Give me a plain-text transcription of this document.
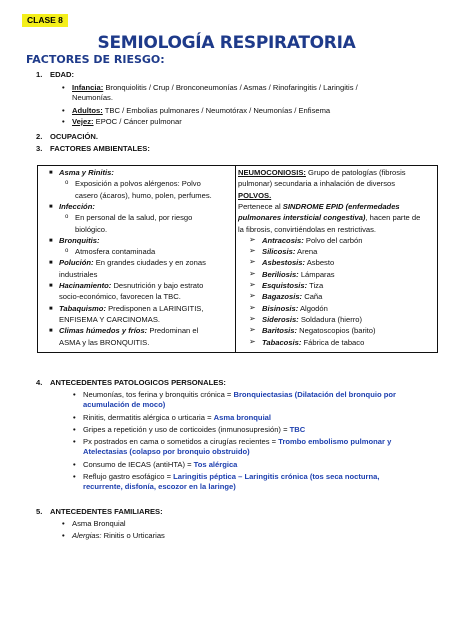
CLASE 8
SEMIOLOGÍA RESPIRATORIA
FACTORES DE RIESGO:
1. EDAD:
• Infancia: Bronquiolitis / Crup / Bronconeumonías / Asmas / Rinofaringitis / Laringitis /
Neumonías.
• Adultos: TBC / Embolias pulmonares / Neumotórax / Neumonías / Enfisema
• Vejez: EPOC / Cáncer pulmonar
2. OCUPACIÓN.
3. FACTORES AMBIENTALES:
■ Asma y Rinitis:
o Exposición a polvos alérgenos: Polvo
casero (ácaros), humo, polen, perfumes.
■ Infección:
o En personal de la salud, por riesgo
biológico.
■ Bronquitis:
o Atmosfera contaminada
■ Polución: En grandes ciudades y en zonas
industriales
■ Hacinamiento: Desnutrición y bajo estrato
socio-económico, favorecen la TBC.
■ Tabaquismo: Predisponen a LARINGITIS,
ENFISEMA Y CARCINOMAS.
■ Climas húmedos y fríos: Predominan el
ASMA y las BRONQUITIS.
NEUMOCONIOSIS: Grupo de patologías (fibrosis
pulmonar) secundaria a inhalación de diversos
POLVOS.
Pertenece al SINDROME EPID (enfermedades
pulmonares intersticial congestiva), hacen parte de
la fibrosis, convirtiéndolas en restrictivas.
➢ Antracosis: Polvo del carbón
➢ Silicosis: Arena
➢ Asbestosis: Asbesto
➢ Beriliosis: Lámparas
➢ Esquistosis: Tiza
➢ Bagazosis: Caña
➢ Bisinosis: Algodón
➢ Siderosis: Soldadura (hierro)
➢ Baritosis: Negatoscopios (barito)
➢ Tabacosis: Fábrica de tabaco
4. ANTECEDENTES PATOLOGICOS PERSONALES:
• Neumonías, tos ferina y bronquitis crónica = Bronquiectasias (Dilatación del bronquio por
acumulación de moco)
• Rinitis, dermatitis alérgica o urticaria = Asma bronquial
• Gripes a repetición y uso de corticoides (inmunosupresión) = TBC
• Px postrados en cama o sometidos a cirugías recientes = Trombo embolismo pulmonar y
Atelectasias (colapso por bronquio obstruido)
• Consumo de IECAS (antiHTA) = Tos alérgica
• Reflujo gastro esofágico = Laringitis péptica – Laringitis crónica (tos seca nocturna,
recurrente, disfonía, escozor en la laringe)
5. ANTECEDENTES FAMILIARES:
• Asma Bronquial
• Alergias: Rinitis o Urticarias
